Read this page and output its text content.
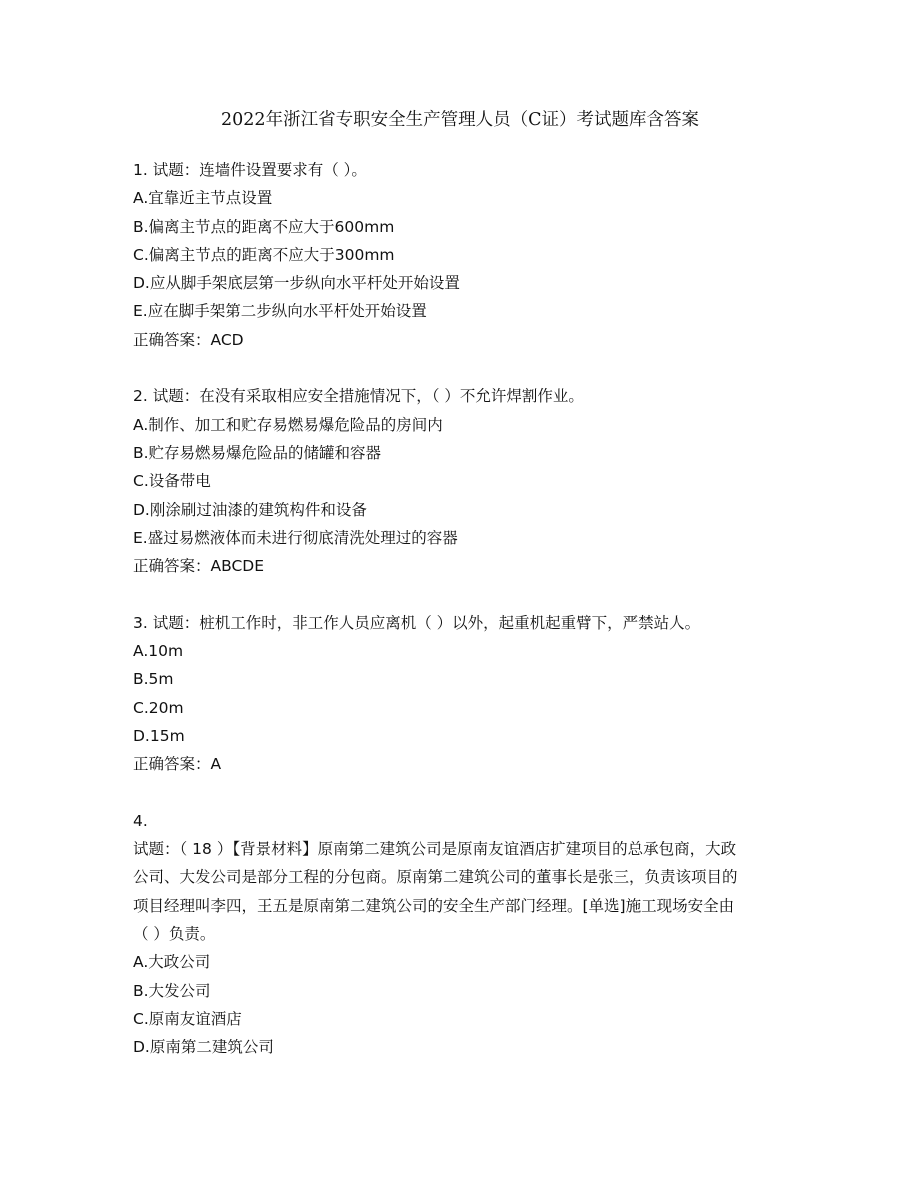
2022年浙江省专职安全生产管理人员（C证）考试题库含答案
1. 试题：连墙件设置要求有（ ）。
A.宜靠近主节点设置
B.偏离主节点的距离不应大于600mm
C.偏离主节点的距离不应大于300mm
D.应从脚手架底层第一步纵向水平杆处开始设置
E.应在脚手架第二步纵向水平杆处开始设置
正确答案：ACD
2. 试题：在没有采取相应安全措施情况下，（ ）不允许焊割作业。
A.制作、加工和贮存易燃易爆危险品的房间内
B.贮存易燃易爆危险品的储罐和容器
C.设备带电
D.刚涂刷过油漆的建筑构件和设备
E.盛过易燃液体而未进行彻底清洗处理过的容器
正确答案：ABCDE
3. 试题：桩机工作时，非工作人员应离机（ ）以外，起重机起重臂下，严禁站人。
A.10m
B.5m
C.20m
D.15m
正确答案：A
4.
试题：（ 18 ）【背景材料】原南第二建筑公司是原南友谊酒店扩建项目的总承包商，大政
公司、大发公司是部分工程的分包商。原南第二建筑公司的董事长是张三，负责该项目的
项目经理叫李四，王五是原南第二建筑公司的安全生产部门经理。[单选]施工现场安全由
（ ）负责。
A.大政公司
B.大发公司
C.原南友谊酒店
D.原南第二建筑公司
